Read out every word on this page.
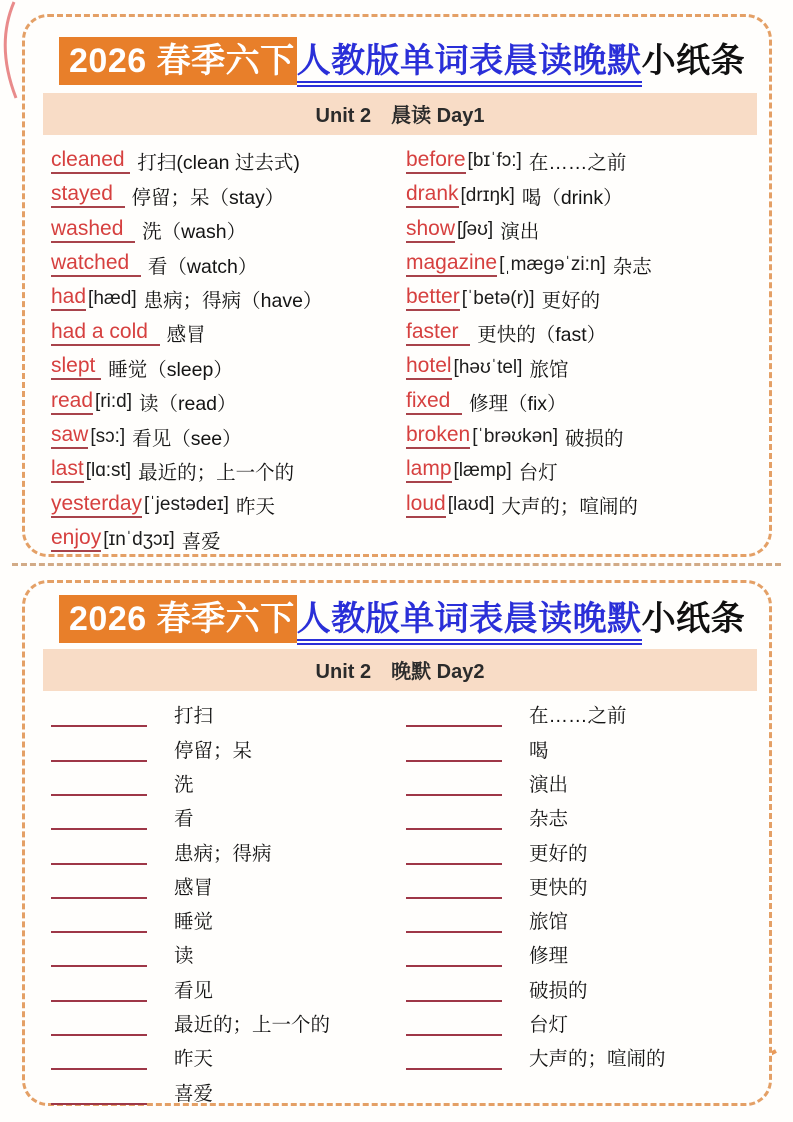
2026 春季六下人教版单词表晨读晚默小纸条
Unit 2　晨读 Day1
cleaned 打扫(clean 过去式)
stayed 停留；呆（stay）
washed 洗（wash）
watched 看（watch）
had [hæd] 患病；得病（have）
had a cold 感冒
slept 睡觉（sleep）
read [ri:d] 读（read）
saw [sɔ:] 看见（see）
last [lɑ:st] 最近的；上一个的
yesterday [ˈjestədeɪ] 昨天
enjoy [ɪnˈdʒɔɪ] 喜爱
before [bɪˈfɔ:] 在……之前
drank [drɪŋk] 喝（drink）
show [ʃəʊ] 演出
magazine [ˌmægəˈzi:n] 杂志
better [ˈbetə(r)] 更好的
faster 更快的（fast）
hotel [həʊˈtel] 旅馆
fixed 修理（fix）
broken [ˈbrəʊkən] 破损的
lamp [læmp] 台灯
loud [laʊd] 大声的；喧闹的
2026 春季六下人教版单词表晨读晚默小纸条
Unit 2　晚默 Day2
打扫
停留；呆
洗
看
患病；得病
感冒
睡觉
读
看见
最近的；上一个的
昨天
喜爱
在……之前
喝
演出
杂志
更好的
更快的
旅馆
修理
破损的
台灯
大声的；喧闹的
